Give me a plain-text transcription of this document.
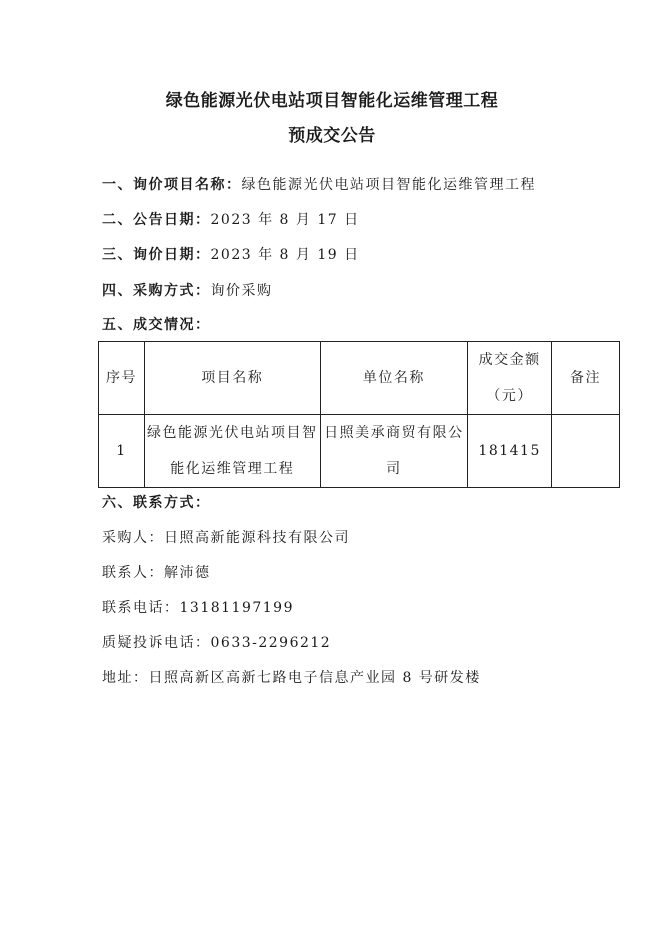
绿色能源光伏电站项目智能化运维管理工程
预成交公告
一、询价项目名称：绿色能源光伏电站项目智能化运维管理工程
二、公告日期：2023 年 8 月 17 日
三、询价日期：2023 年 8 月 19 日
四、采购方式：询价采购
五、成交情况：
序号	项目名称	单位名称	成交金额（元）	备注
1	绿色能源光伏电站项目智能化运维管理工程	日照美承商贸有限公司	181415	
六、联系方式：
采购人：日照高新能源科技有限公司
联系人：解沛德
联系电话：13181197199
质疑投诉电话：0633-2296212
地址：日照高新区高新七路电子信息产业园 8 号研发楼
